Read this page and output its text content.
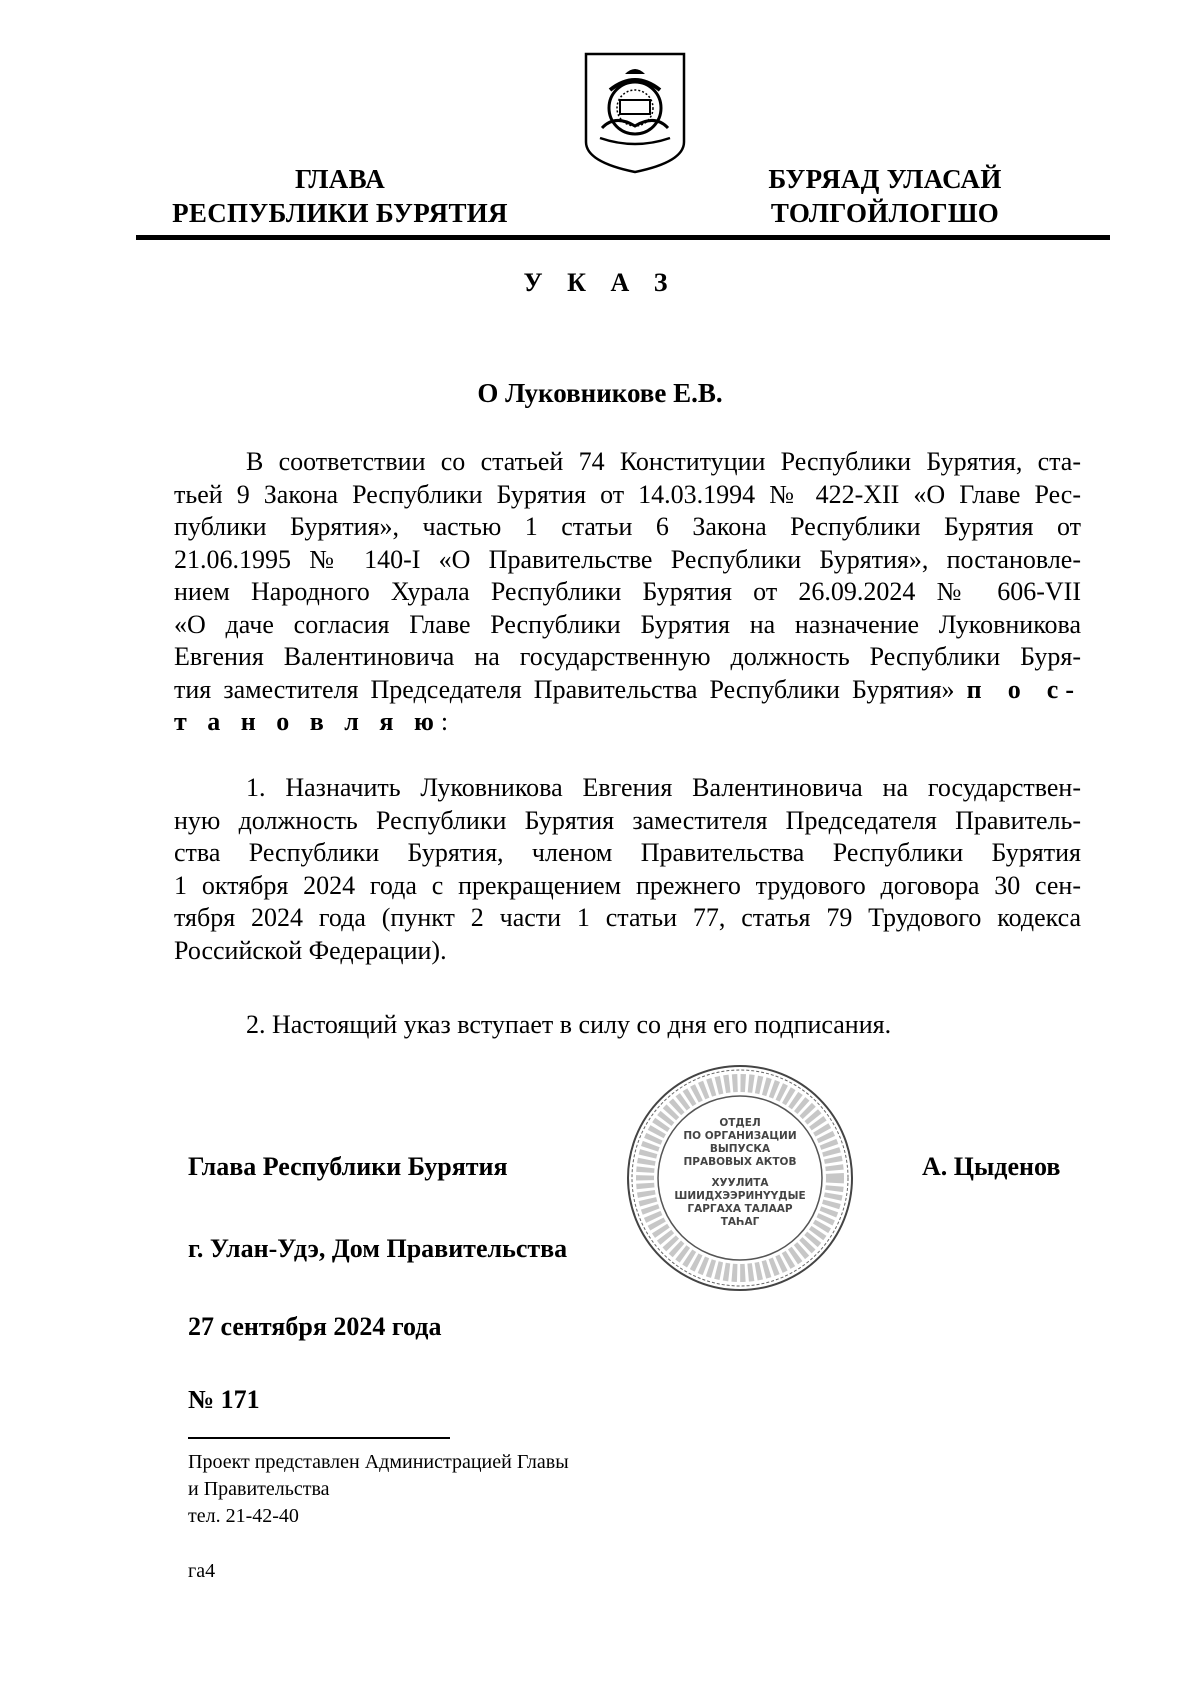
ГЛАВА
РЕСПУБЛИКИ БУРЯТИЯ
БУРЯАД УЛАСАЙ
ТОЛГОЙЛОГШО
У К А З
О Луковникове Е.В.
В соответствии со статьей 74 Конституции Республики Бурятия, ста-
тьей 9 Закона Республики Бурятия от 14.03.1994 № 422-XII «О Главе Рес-
публики Бурятия», частью 1 статьи 6 Закона Республики Бурятия от
21.06.1995 № 140-I «О Правительстве Республики Бурятия», постановле-
нием Народного Хурала Республики Бурятия от 26.09.2024 № 606-VII
«О даче согласия Главе Республики Бурятия на назначение Луковникова
Евгения Валентиновича на государственную должность Республики Буря-
тия заместителя Председателя Правительства Республики Бурятия» п о с-
т а н о в л я ю:
1. Назначить Луковникова Евгения Валентиновича на государствен-
ную должность Республики Бурятия заместителя Председателя Правитель-
ства Республики Бурятия, членом Правительства Республики Бурятия
1 октября 2024 года с прекращением прежнего трудового договора 30 сен-
тября 2024 года (пункт 2 части 1 статьи 77, статья 79 Трудового кодекса
Российской Федерации).
2. Настоящий указ вступает в силу со дня его подписания.
ОТДЕЛ
ПО ОРГАНИЗАЦИИ
ВЫПУСКА
ПРАВОВЫХ АКТОВ
ХУУЛИТА
ШИИДХЭЭРИНҮҮДЫЕ
ГАРГАХА ТАЛААР
ТАҺАГ
Глава Республики Бурятия	А. Цыденов
г. Улан-Удэ, Дом Правительства
27 сентября 2024 года
№ 171
Проект представлен Администрацией Главы
и Правительства
тел. 21-42-40
га4
